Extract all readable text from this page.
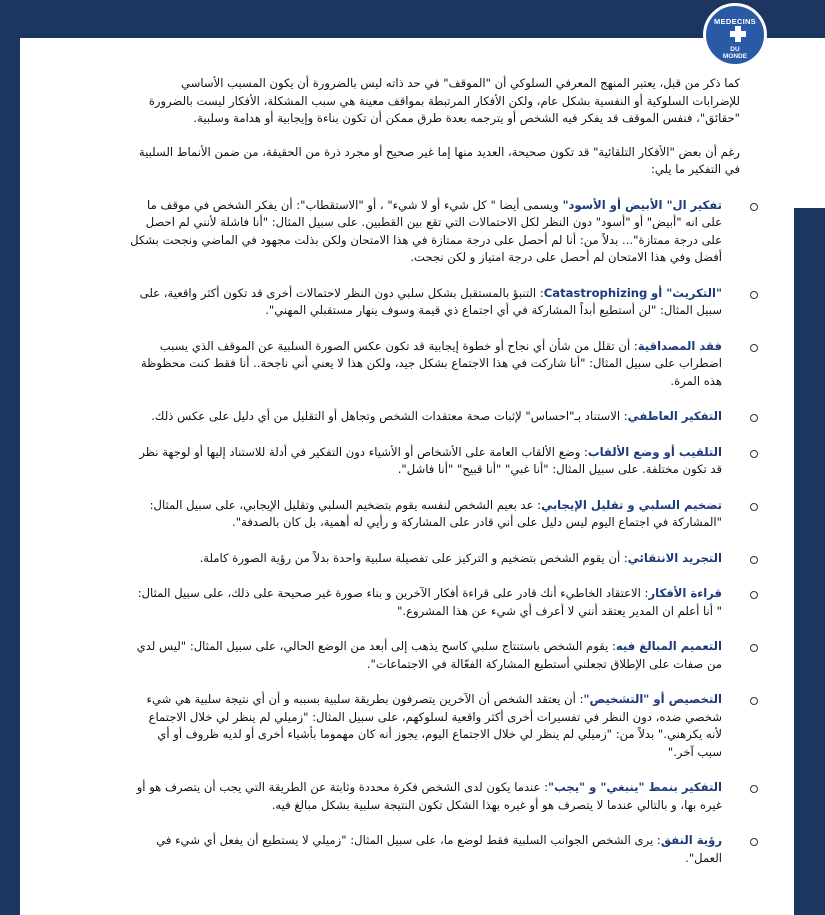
MEDECINS
DU
MONDE

كما ذكر من قبل، يعتبر المنهج المعرفي السلوكي أن "الموقف" في حد ذاته ليس بالضرورة أن يكون المسبب الأساسي للإضرابات السلوكية أو النفسية بشكل عام، ولكن الأفكار المرتبطة بمواقف معينة هي سبب المشكلة، الأفكار ليست بالضرورة "حقائق"، فنفس الموقف قد يفكر فيه الشخص أو يترجمه بعدة طرق ممكن أن تكون بناءة وإيجابية أو هدامة وسلبية.

رغم أن بعض "الأفكار التلقائية" قد تكون صحيحة، العديد منها إما غير صحيح أو مجرد ذرة من الحقيقة، من ضمن الأنماط السلبية في التفكير ما يلي:

تفكير ال" الأبيض أو الأسود" ويسمى أيضا " كل شيء أو لا شيء" ، أو "الاستقطاب": أن يفكر الشخص في موقف ما على انه "أبيض" أو "أسود" دون النظر لكل الاحتمالات التي تقع بين القطبين. على سبيل المثال: "أنا فاشلة لأنني لم احصل على درجة ممتازة"... بدلاً من: أنا لم أحصل على درجة ممتازة في هذا الامتحان ولكن بذلت مجهود في الماضي ونجحت بشكل أفضل وفي هذا الامتحان لم أحصل على درجة امتياز و لكن نجحت.
"التكريث" أو Catastrophizing: التنبؤ بالمستقبل بشكل سلبي دون النظر لاحتمالات أخرى قد تكون أكثر واقعية، على سبيل المثال: "لن أستطيع أبداً المشاركة في أي اجتماع ذي قيمة وسوف ينهار مستقبلي المهني".
فقد المصداقية: أن تقلل من شأن أي نجاح أو خطوة إيجابية قد تكون عكس الصورة السلبية عن الموقف الذي يسبب اضطراب على سبيل المثال: "أنا شاركت في هذا الاجتماع بشكل جيد، ولكن هذا لا يعني أني ناجحة.. أنا فقط كنت محظوظة هذه المرة.
التفكير العاطفي: الاستناد بـ"احساس" لإثبات صحة معتقدات الشخص وتجاهل أو التقليل من أي دليل على عكس ذلك.
التلقيب أو وضع الألقاب: وضع الألقاب العامة على الأشخاص أو الأشياء دون التفكير في أدلة للاستناد إليها أو لوجهة نظر قد تكون مختلفة. على سبيل المثال: "أنا غبي" "أنا قبيح" "أنا فاشل".
تضخيم السلبي و تقليل الإيجابي: عد بعيم الشخص لنفسه يقوم بتضخيم السلبي وتقليل الإيجابي، على سبيل المثال: "المشاركة في اجتماع اليوم ليس دليل على أني قادر على المشاركة و رأيي له أهمية، بل كان بالصدفة".
التجريد الانتقائي: أن يقوم الشخص بتضخيم و التركيز على تفصيلة سلبية واحدة بدلاً من رؤية الصورة كاملة.
قراءة الأفكار: الاعتقاد الخاطيء أنك قادر على قراءة أفكار الآخرين و بناء صورة غير صحيحة على ذلك، على سبيل المثال: " أنا أعلم ان المدير يعتقد أنني لا أعرف أي شيء عن هذا المشروع."
التعميم المبالغ فيه: يقوم الشخص باستنتاج سلبي كاسح يذهب إلى أبعد من الوضع الحالي، على سبيل المثال: "ليس لدي من صفات على الإطلاق تجعلني أستطيع المشاركة الفعّالة في الاجتماعات".
التخصيص أو "التشخيص": أن يعتقد الشخص أن الآخرين يتصرفون بطريقة سلبية بسببه و أن أي نتيجة سلبية هي شيء شخصي ضده، دون النظر في تفسيرات أخرى أكثر واقعية لسلوكهم، على سبيل المثال: "زميلي لم ينظر لي خلال الاجتماع لأنه يكرهني." بدلاً من: "زميلي لم ينظر لي خلال الاجتماع اليوم، يجوز أنه كان مهموما بأشياء أخرى أو لديه ظروف أو أي سبب آخر."
التفكير بنمط "ينبغي" و "يجب": عندما يكون لدى الشخص فكرة محددة وثابتة عن الطريقة التي يجب أن يتصرف هو أو غيره بها، و بالتالي عندما لا يتصرف هو أو غيره بهذا الشكل تكون النتيجة سلبية بشكل مبالغ فيه.
رؤية النفق: يرى الشخص الجوانب السلبية فقط لوضع ما، على سبيل المثال: "زميلي لا يستطيع أن يفعل أي شيء في العمل".
